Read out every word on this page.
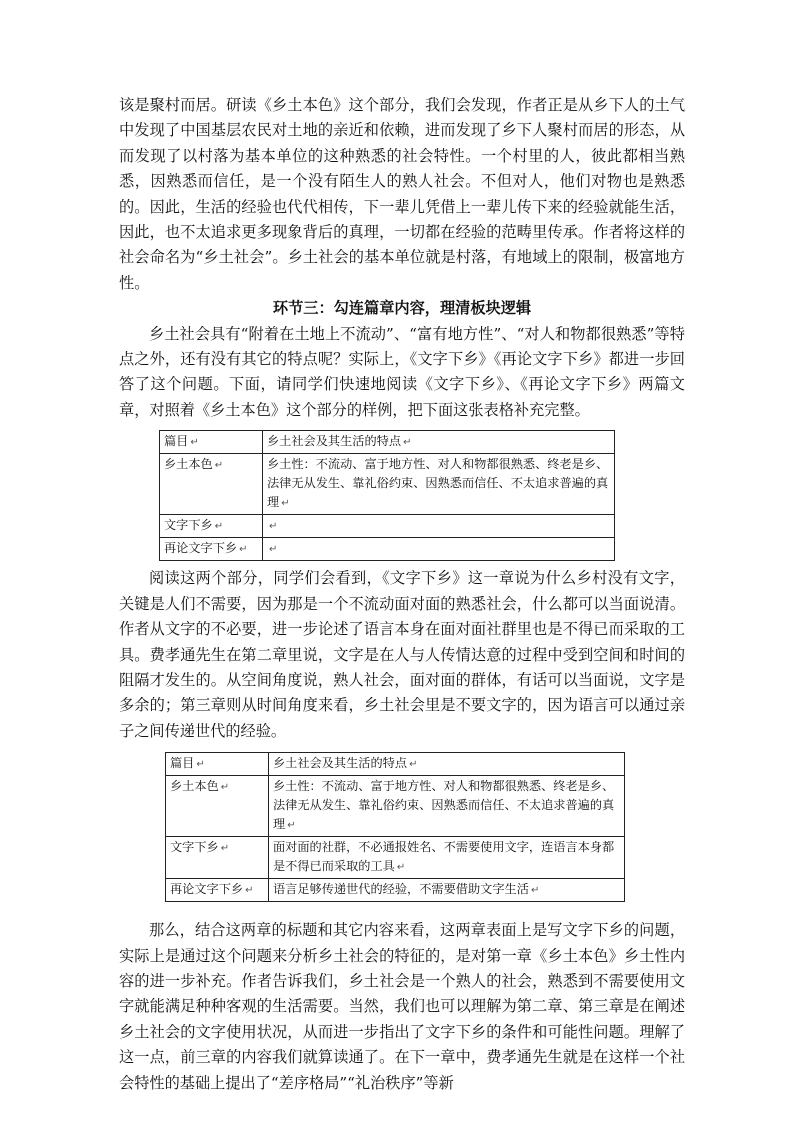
该是聚村而居。研读《乡土本色》这个部分，我们会发现，作者正是从乡下人的土气中发现了中国基层农民对土地的亲近和依赖，进而发现了乡下人聚村而居的形态，从而发现了以村落为基本单位的这种熟悉的社会特性。一个村里的人，彼此都相当熟悉，因熟悉而信任，是一个没有陌生人的熟人社会。不但对人，他们对物也是熟悉的。因此，生活的经验也代代相传，下一辈儿凭借上一辈儿传下来的经验就能生活，因此，也不太追求更多现象背后的真理，一切都在经验的范畴里传承。作者将这样的社会命名为“乡土社会”。乡土社会的基本单位就是村落，有地域上的限制，极富地方性。

环节三：勾连篇章内容，理清板块逻辑

乡土社会具有“附着在土地上不流动”、“富有地方性”、“对人和物都很熟悉”等特点之外，还有没有其它的特点呢？实际上，《文字下乡》《再论文字下乡》都进一步回答了这个问题。下面，请同学们快速地阅读《文字下乡》、《再论文字下乡》两篇文章，对照着《乡土本色》这个部分的样例，把下面这张表格补充完整。

篇目 ↵	乡土社会及其生活的特点 ↵
乡土本色 ↵	乡土性：不流动、富于地方性、对人和物都很熟悉、终老是乡、法律无从发生、靠礼俗约束、因熟悉而信任、不太追求普遍的真理 ↵
文字下乡 ↵	↵
再论文字下乡 ↵	↵

阅读这两个部分，同学们会看到，《文字下乡》这一章说为什么乡村没有文字，关键是人们不需要，因为那是一个不流动面对面的熟悉社会，什么都可以当面说清。作者从文字的不必要，进一步论述了语言本身在面对面社群里也是不得已而采取的工具。费孝通先生在第二章里说，文字是在人与人传情达意的过程中受到空间和时间的阻隔才发生的。从空间角度说，熟人社会，面对面的群体，有话可以当面说，文字是多余的；第三章则从时间角度来看，乡土社会里是不要文字的，因为语言可以通过亲子之间传递世代的经验。

篇目 ↵	乡土社会及其生活的特点 ↵
乡土本色 ↵	乡土性：不流动、富于地方性、对人和物都很熟悉、终老是乡、法律无从发生、靠礼俗约束、因熟悉而信任、不太追求普遍的真理 ↵
文字下乡 ↵	面对面的社群，不必通报姓名、不需要使用文字，连语言本身都是不得已而采取的工具 ↵
再论文字下乡 ↵	语言足够传递世代的经验，不需要借助文字生活 ↵

那么，结合这两章的标题和其它内容来看，这两章表面上是写文字下乡的问题，实际上是通过这个问题来分析乡土社会的特征的，是对第一章《乡土本色》乡土性内容的进一步补充。作者告诉我们，乡土社会是一个熟人的社会，熟悉到不需要使用文字就能满足种种客观的生活需要。当然，我们也可以理解为第二章、第三章是在阐述乡土社会的文字使用状况，从而进一步指出了文字下乡的条件和可能性问题。理解了这一点，前三章的内容我们就算读通了。在下一章中，费孝通先生就是在这样一个社会特性的基础上提出了“差序格局”“礼治秩序”等新
